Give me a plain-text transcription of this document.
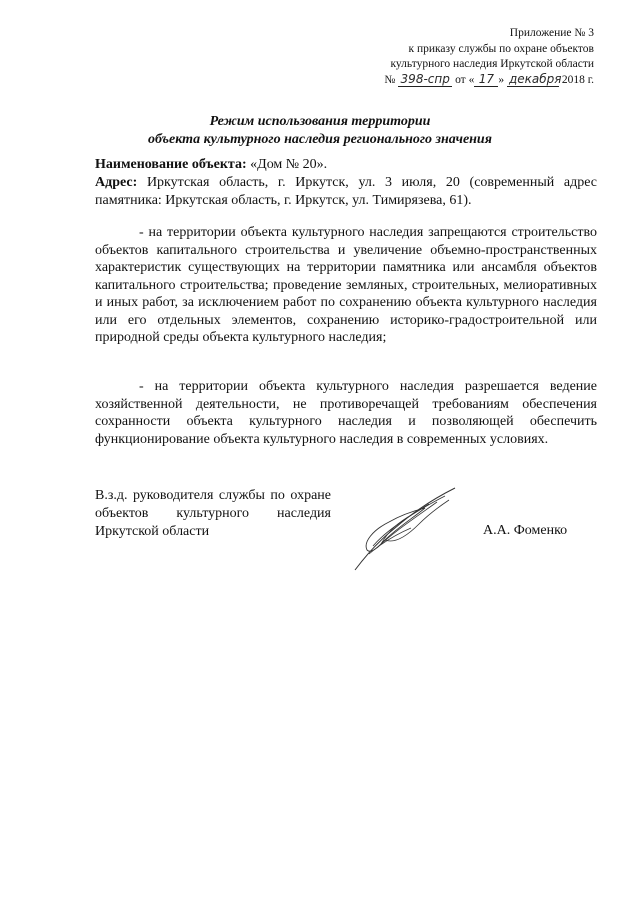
Приложение № 3
к приказу службы по охране объектов
культурного наследия Иркутской области
№ 398-спр от « 17 » декабря 2018 г.
Режим использования территории
объекта культурного наследия регионального значения
Наименование объекта: «Дом № 20».
Адрес: Иркутская область, г. Иркутск, ул. 3 июля, 20 (современный адрес памятника: Иркутская область, г. Иркутск, ул. Тимирязева, 61).
- на территории объекта культурного наследия запрещаются строительство объектов капитального строительства и увеличение объемно-пространственных характеристик существующих на территории памятника или ансамбля объектов капитального строительства; проведение земляных, строительных, мелиоративных и иных работ, за исключением работ по сохранению объекта культурного наследия или его отдельных элементов, сохранению историко-градостроительной или природной среды объекта культурного наследия;
- на территории объекта культурного наследия разрешается ведение хозяйственной деятельности, не противоречащей требованиям обеспечения сохранности объекта культурного наследия и позволяющей обеспечить функционирование объекта культурного наследия в современных условиях.
В.з.д. руководителя службы по охране объектов культурного наследия Иркутской области	А.А. Фоменко
